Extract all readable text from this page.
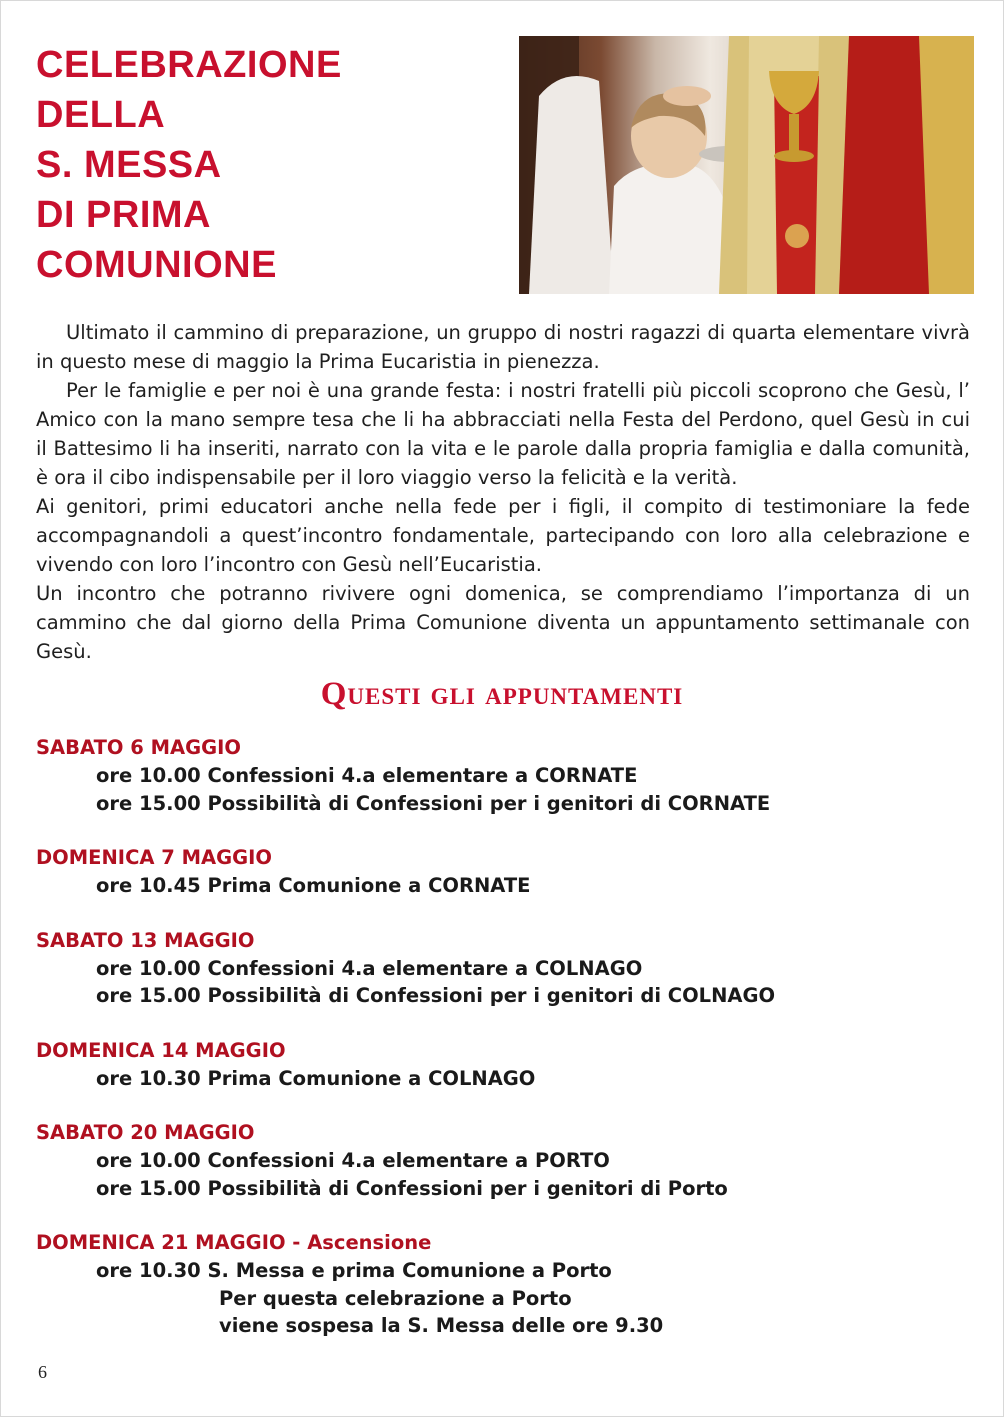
CELEBRAZIONE
DELLA
S. MESSA
DI PRIMA
COMUNIONE

Ultimato il cammino di preparazione, un gruppo di nostri ragazzi di quarta elementare vivrà in questo mese di maggio la Prima Eucaristia in pienezza.

Per le famiglie e per noi è una grande festa: i nostri fratelli più piccoli scoprono che Gesù, l’ Amico con la mano sempre tesa che li ha abbracciati nella Festa del Perdono, quel Gesù in cui il Battesimo li ha inseriti, narrato con la vita e le parole dalla propria famiglia e dalla comunità, è ora il cibo indispensabile per il loro viaggio verso la felicità e la verità.

Ai genitori, primi educatori anche nella fede per i figli, il compito di testimoniare la fede accompagnandoli a quest’incontro fondamentale, partecipando con loro alla celebrazione e vivendo con loro l’incontro con Gesù nell’Eucaristia.

Un incontro che potranno rivivere ogni domenica, se comprendiamo l’importanza di un cammino che dal giorno della Prima Comunione diventa un appuntamento settimanale con Gesù.

Questi gli appuntamenti
SABATO 6 MAGGIO
ore 10.00 Confessioni 4.a elementare a CORNATE
ore 15.00 Possibilità di Confessioni per i genitori di CORNATE
DOMENICA 7 MAGGIO
ore 10.45 Prima Comunione a CORNATE
SABATO 13 MAGGIO
ore 10.00 Confessioni 4.a elementare a COLNAGO
ore 15.00 Possibilità di Confessioni per i genitori di COLNAGO
DOMENICA 14 MAGGIO
ore 10.30 Prima Comunione a COLNAGO
SABATO 20 MAGGIO
ore 10.00 Confessioni 4.a elementare a PORTO
ore 15.00 Possibilità di Confessioni per i genitori di Porto
DOMENICA 21 MAGGIO - Ascensione
ore 10.30 S. Messa e prima Comunione a Porto
Per questa celebrazione a Porto
viene sospesa la S. Messa delle ore 9.30
6
